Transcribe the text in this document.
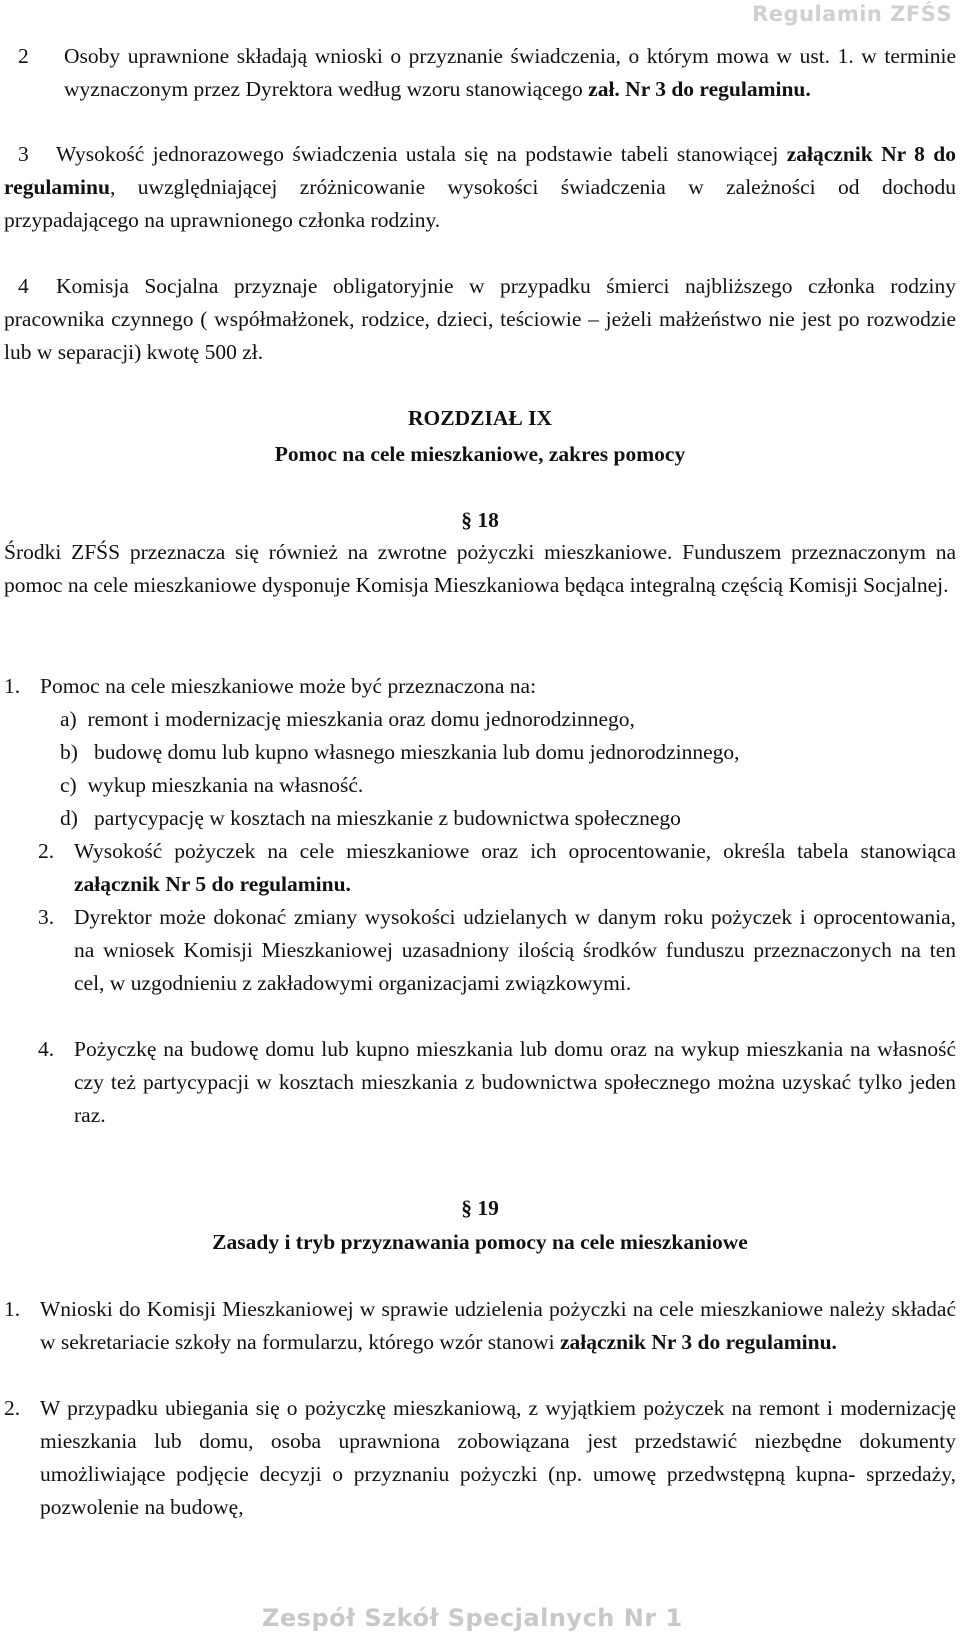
Regulamin ZFŚS
2 Osoby uprawnione składają wnioski o przyznanie świadczenia, o którym mowa w ust. 1. w terminie wyznaczonym przez Dyrektora według wzoru stanowiącego zał. Nr 3 do regulaminu.
3	Wysokość jednorazowego świadczenia ustala się na podstawie tabeli stanowiącej załącznik Nr 8 do regulaminu, uwzględniającej zróżnicowanie wysokości świadczenia w zależności od dochodu przypadającego na uprawnionego członka rodziny.
4	Komisja Socjalna przyznaje obligatoryjnie w przypadku śmierci najbliższego członka rodziny pracownika czynnego ( współmałżonek, rodzice, dzieci, teściowie – jeżeli małżeństwo nie jest po rozwodzie lub w separacji) kwotę 500 zł.
ROZDZIAŁ IX
Pomoc na cele mieszkaniowe, zakres pomocy
§ 18
Środki ZFŚS przeznacza się również na zwrotne pożyczki mieszkaniowe. Funduszem przeznaczonym na pomoc na cele mieszkaniowe dysponuje Komisja Mieszkaniowa będąca integralną częścią Komisji Socjalnej.
1. Pomoc na cele mieszkaniowe może być przeznaczona na:
a) remont i modernizację mieszkania oraz domu jednorodzinnego,
b) budowę domu lub kupno własnego mieszkania lub domu jednorodzinnego,
c) wykup mieszkania na własność.
d) partycypację w kosztach na mieszkanie z budownictwa społecznego
2. Wysokość pożyczek na cele mieszkaniowe oraz ich oprocentowanie, określa tabela stanowiąca załącznik Nr 5 do regulaminu.
3. Dyrektor może dokonać zmiany wysokości udzielanych w danym roku pożyczek i oprocentowania, na wniosek Komisji Mieszkaniowej uzasadniony ilością środków funduszu przeznaczonych na ten cel, w uzgodnieniu z zakładowymi organizacjami związkowymi.
4. Pożyczkę na budowę domu lub kupno mieszkania lub domu oraz na wykup mieszkania na własność czy też partycypacji w kosztach mieszkania z budownictwa społecznego można uzyskać tylko jeden raz.
§ 19
Zasady i tryb przyznawania pomocy na cele mieszkaniowe
1. Wnioski do Komisji Mieszkaniowej w sprawie udzielenia pożyczki na cele mieszkaniowe należy składać w sekretariacie szkoły na formularzu, którego wzór stanowi załącznik Nr 3 do regulaminu.
2. W przypadku ubiegania się o pożyczkę mieszkaniową, z wyjątkiem pożyczek na remont i modernizację mieszkania lub domu, osoba uprawniona zobowiązana jest przedstawić niezbędne dokumenty umożliwiające podjęcie decyzji o przyznaniu pożyczki (np. umowę przedwstępną kupna- sprzedaży, pozwolenie na budowę,
Zespół Szkół Specjalnych Nr 1
